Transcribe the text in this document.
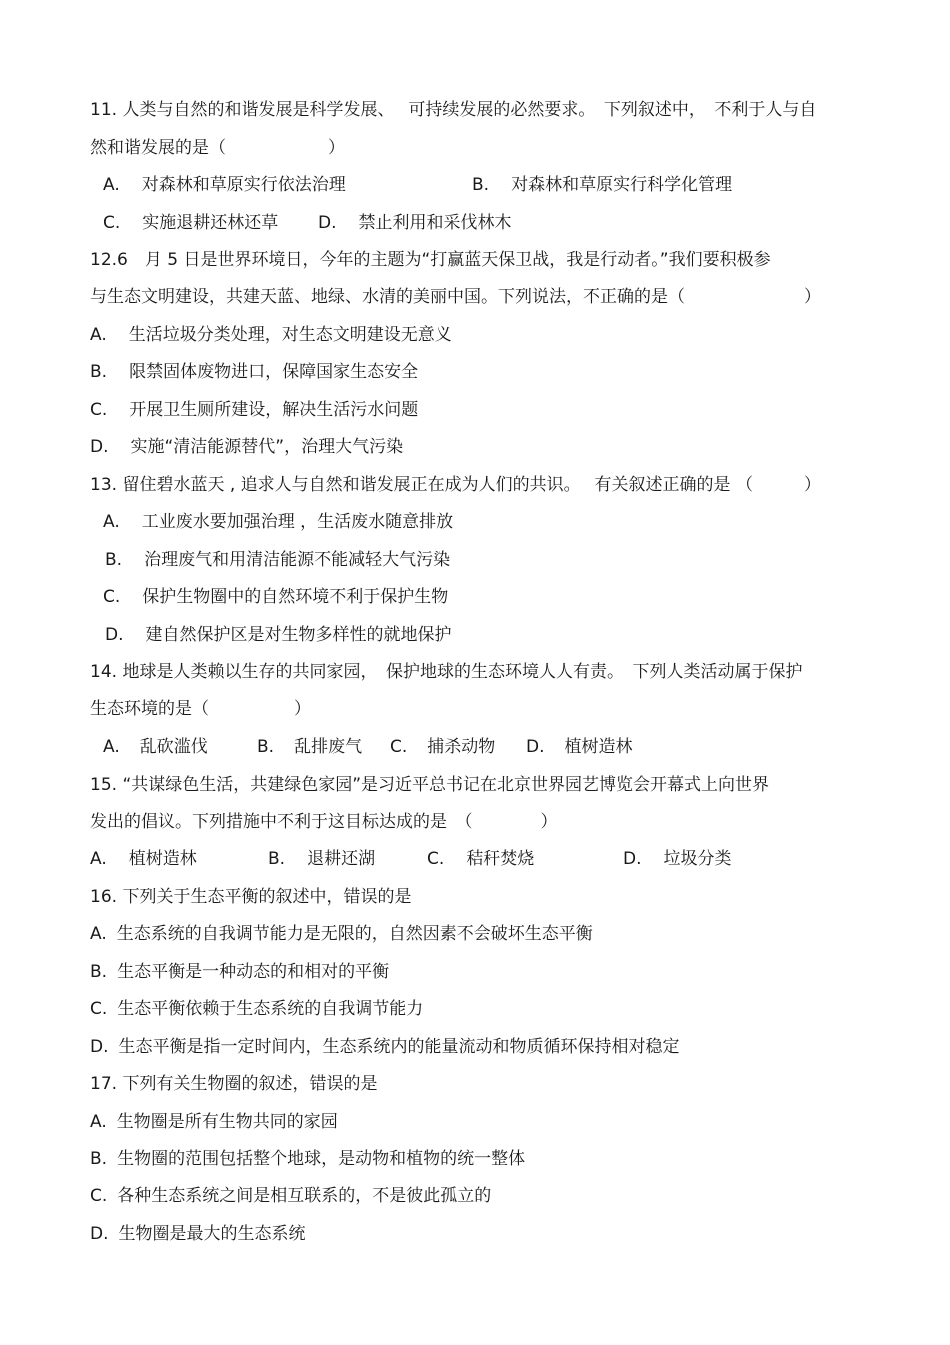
11. 人类与自然的和谐发展是科学发展、　 可持续发展的必然要求。　下列叙述中，　不利于人与自
然和谐发展的是（　　　　　　）
A. 对森林和草原实行依法治理	B. 对森林和草原实行科学化管理
C. 实施退耕还林还草 D. 禁止利用和采伐林木
12.6　月 5 日是世界环境日，今年的主题为“打赢蓝天保卫战，我是行动者。”我们要积极参
与生态文明建设，共建天蓝、地绿、水清的美丽中国。下列说法，不正确的是（　　　　　　　）
A. 生活垃圾分类处理，对生态文明建设无意义
B. 限禁固体废物进口，保障国家生态安全
C. 开展卫生厕所建设，解决生活污水问题
D. 实施“清洁能源替代”，治理大气污染
13. 留住碧水蓝天 , 追求人与自然和谐发展正在成为人们的共识。　 有关叙述正确的是 （　　　）
A. 工业废水要加强治理 ，生活废水随意排放
B. 治理废气和用清洁能源不能减轻大气污染
C. 保护生物圈中的自然环境不利于保护生物
D. 建自然保护区是对生物多样性的就地保护
14. 地球是人类赖以生存的共同家园，　保护地球的生态环境人人有责。　下列人类活动属于保护
生态环境的是（　　　　　）
A. 乱砍滥伐	B. 乱排废气 C. 捕杀动物 D. 植树造林
15. “共谋绿色生活，共建绿色家园”是习近平总书记在北京世界园艺博览会开幕式上向世界
发出的倡议。下列措施中不利于这目标达成的是　（　　　　）
A. 植树造林	B. 退耕还湖	C. 秸秆焚烧	D. 垃圾分类
16. 下列关于生态平衡的叙述中，错误的是
A. 生态系统的自我调节能力是无限的，自然因素不会破坏生态平衡
B. 生态平衡是一种动态的和相对的平衡
C. 生态平衡依赖于生态系统的自我调节能力
D. 生态平衡是指一定时间内，生态系统内的能量流动和物质循环保持相对稳定
17. 下列有关生物圈的叙述，错误的是
A. 生物圈是所有生物共同的家园
B. 生物圈的范围包括整个地球，是动物和植物的统一整体
C. 各种生态系统之间是相互联系的，不是彼此孤立的
D. 生物圈是最大的生态系统
